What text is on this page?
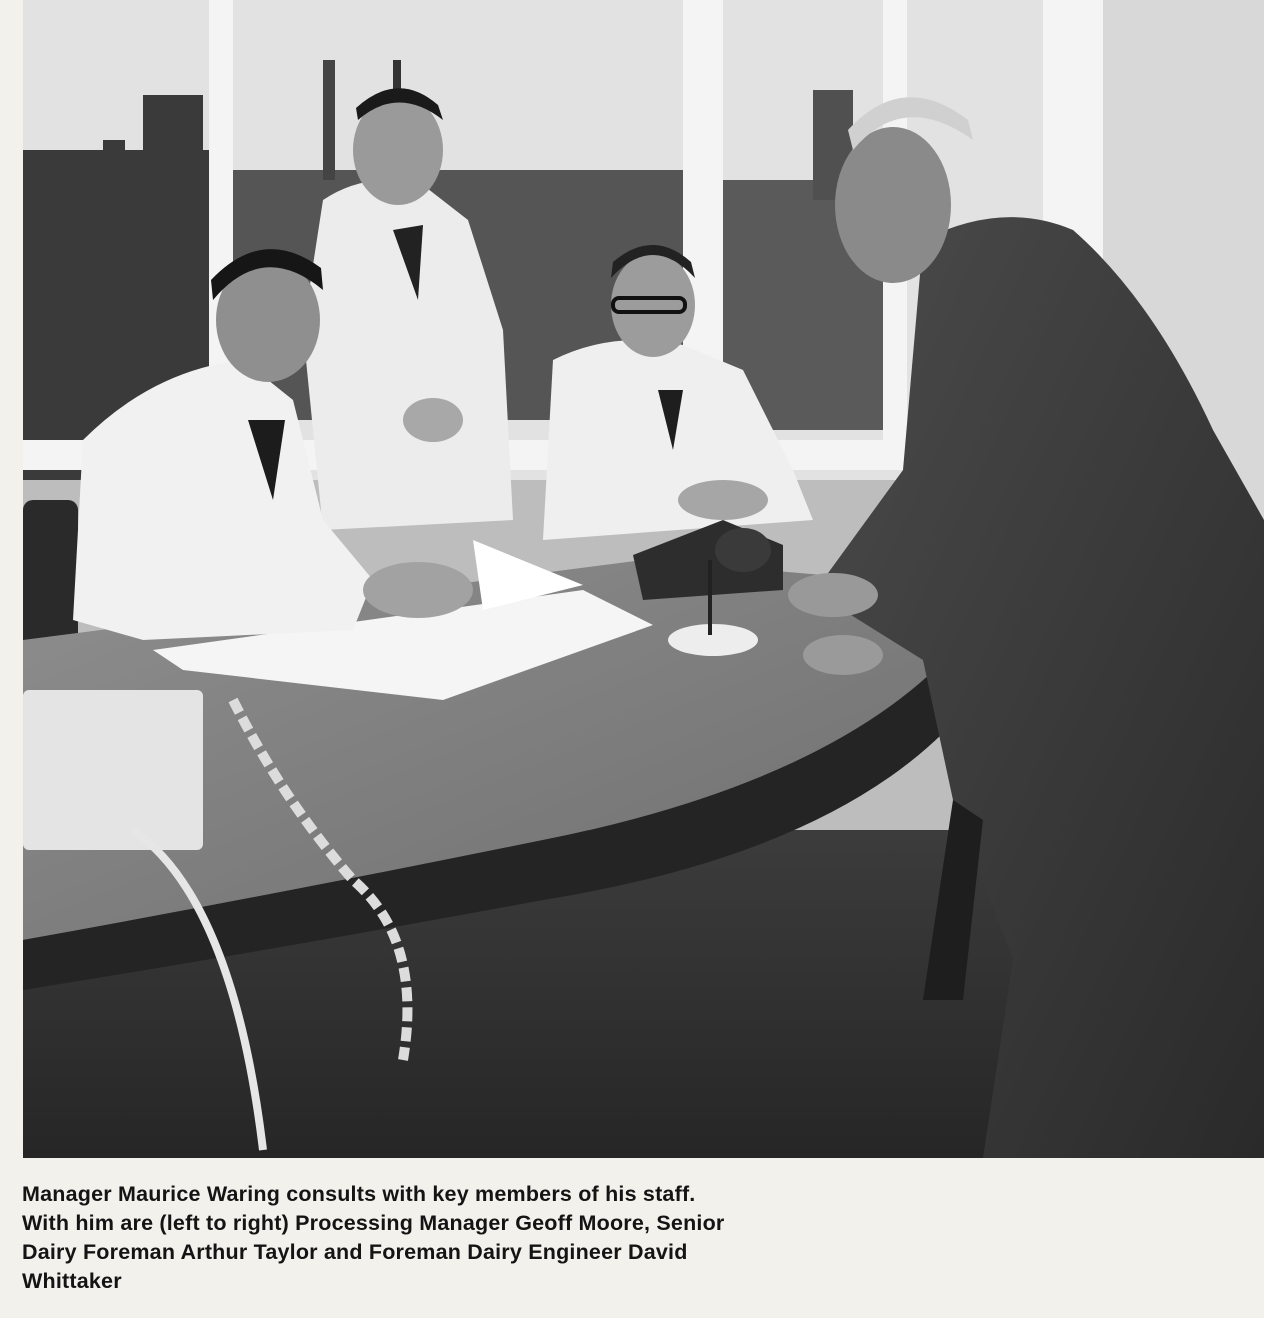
Manager Maurice Waring consults with key members of his staff.
With him are (left to right) Processing Manager Geoff Moore, Senior
Dairy Foreman Arthur Taylor and Foreman Dairy Engineer David
Whittaker
